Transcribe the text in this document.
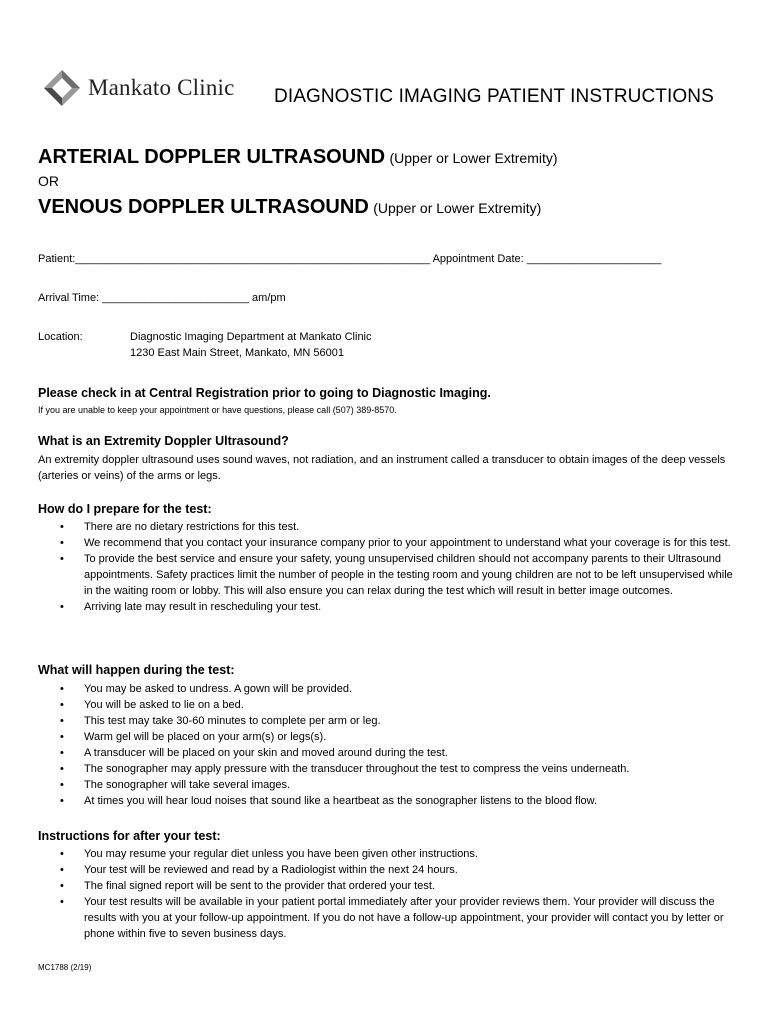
Mankato Clinic DIAGNOSTIC IMAGING PATIENT INSTRUCTIONS
ARTERIAL DOPPLER ULTRASOUND (Upper or Lower Extremity)
OR
VENOUS DOPPLER ULTRASOUND (Upper or Lower Extremity)
Patient:__________________________________________________________ Appointment Date: ______________________
Arrival Time: ________________________ am/pm
Location:	Diagnostic Imaging Department at Mankato Clinic
1230 East Main Street, Mankato, MN 56001
Please check in at Central Registration prior to going to Diagnostic Imaging.
If you are unable to keep your appointment or have questions, please call (507) 389-8570.
What is an Extremity Doppler Ultrasound?
An extremity doppler ultrasound uses sound waves, not radiation, and an instrument called a transducer to obtain images of the deep vessels (arteries or veins) of the arms or legs.
How do I prepare for the test:
• There are no dietary restrictions for this test.
• We recommend that you contact your insurance company prior to your appointment to understand what your coverage is for this test.
• To provide the best service and ensure your safety, young unsupervised children should not accompany parents to their Ultrasound appointments. Safety practices limit the number of people in the testing room and young children are not to be left unsupervised while in the waiting room or lobby. This will also ensure you can relax during the test which will result in better image outcomes.
• Arriving late may result in rescheduling your test.
What will happen during the test:
• You may be asked to undress. A gown will be provided.
• You will be asked to lie on a bed.
• This test may take 30-60 minutes to complete per arm or leg.
• Warm gel will be placed on your arm(s) or legs(s).
• A transducer will be placed on your skin and moved around during the test.
• The sonographer may apply pressure with the transducer throughout the test to compress the veins underneath.
• The sonographer will take several images.
• At times you will hear loud noises that sound like a heartbeat as the sonographer listens to the blood flow.
Instructions for after your test:
• You may resume your regular diet unless you have been given other instructions.
• Your test will be reviewed and read by a Radiologist within the next 24 hours.
• The final signed report will be sent to the provider that ordered your test.
• Your test results will be available in your patient portal immediately after your provider reviews them. Your provider will discuss the results with you at your follow-up appointment. If you do not have a follow-up appointment, your provider will contact you by letter or phone within five to seven business days.
MC1788 (2/19)
